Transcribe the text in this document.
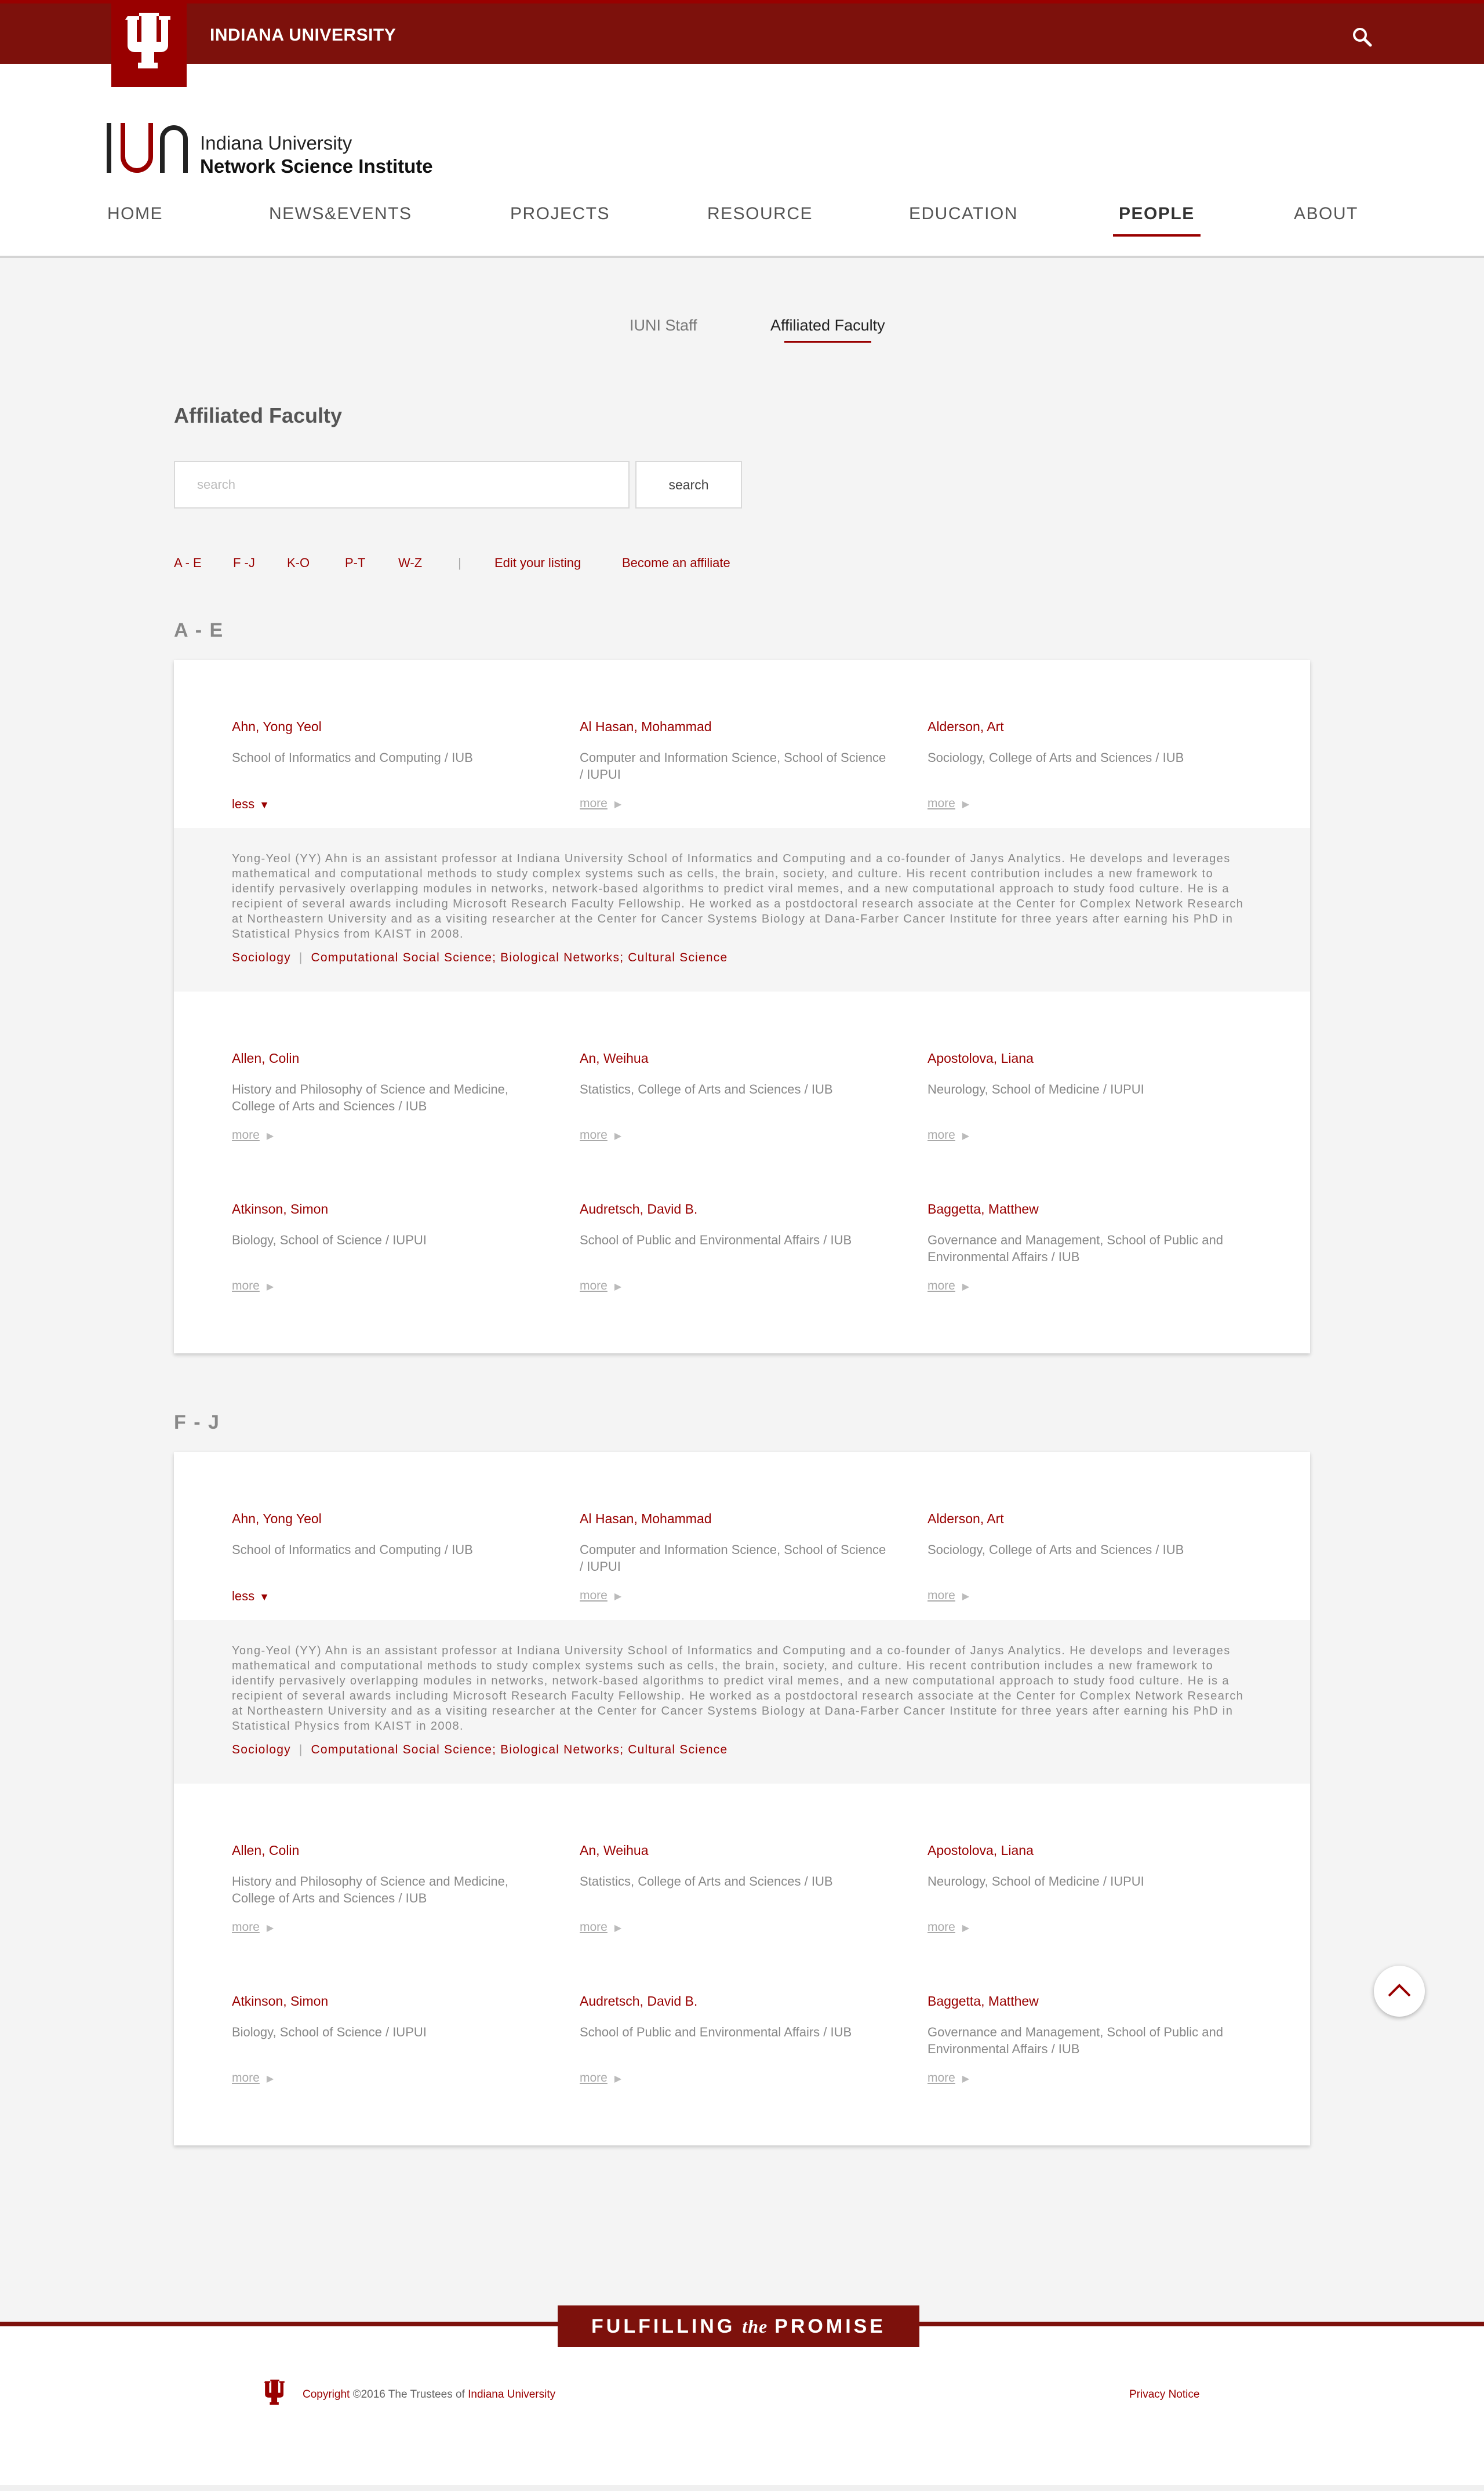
INDIANA UNIVERSITY
Indiana University
Network Science Institute
HOME	NEWS&EVENTS	PROJECTS	RESOURCE	EDUCATION	PEOPLE	ABOUT
IUNI Staff	Affiliated Faculty
Affiliated Faculty
search
search
A - E F -J	K-O	P-T	W-Z	|	Edit your listing	Become an affiliate
A - E
Ahn, Yong Yeol
School of Informatics and Computing / IUB
less ▼
Al Hasan, Mohammad
Computer and Information Science, School of Science / IUPUI
more ▶
Alderson, Art
Sociology, College of Arts and Sciences / IUB
more ▶

Yong-Yeol (YY) Ahn is an assistant professor at Indiana University School of Informatics and Computing and a co-founder of Janys Analytics. He develops and leverages mathematical and computational methods to study complex systems such as cells, the brain, society, and culture. His recent contribution includes a new framework to identify pervasively overlapping modules in networks, network-based algorithms to predict viral memes, and a new computational approach to study food culture. He is a recipient of several awards including Microsoft Research Faculty Fellowship. He worked as a postdoctoral research associate at the Center for Complex Network Research at Northeastern University and as a visiting researcher at the Center for Cancer Systems Biology at Dana-Farber Cancer Institute for three years after earning his PhD in Statistical Physics from KAIST in 2008.

Sociology | Computational Social Science; Biological Networks; Cultural Science
Allen, Colin
History and Philosophy of Science and Medicine, College of Arts and Sciences / IUB
more ▶
An, Weihua
Statistics, College of Arts and Sciences / IUB
more ▶
Apostolova, Liana
Neurology, School of Medicine / IUPUI
more ▶
Atkinson, Simon
Biology, School of Science / IUPUI
more ▶
Audretsch, David B.
School of Public and Environmental Affairs / IUB
more ▶
Baggetta, Matthew
Governance and Management, School of Public and Environmental Affairs / IUB
more ▶
F - J
Ahn, Yong Yeol
School of Informatics and Computing / IUB
less ▼
Al Hasan, Mohammad
Computer and Information Science, School of Science / IUPUI
more ▶
Alderson, Art
Sociology, College of Arts and Sciences / IUB
more ▶

Yong-Yeol (YY) Ahn is an assistant professor at Indiana University School of Informatics and Computing and a co-founder of Janys Analytics. He develops and leverages mathematical and computational methods to study complex systems such as cells, the brain, society, and culture. His recent contribution includes a new framework to identify pervasively overlapping modules in networks, network-based algorithms to predict viral memes, and a new computational approach to study food culture. He is a recipient of several awards including Microsoft Research Faculty Fellowship. He worked as a postdoctoral research associate at the Center for Complex Network Research at Northeastern University and as a visiting researcher at the Center for Cancer Systems Biology at Dana-Farber Cancer Institute for three years after earning his PhD in Statistical Physics from KAIST in 2008.

Sociology | Computational Social Science; Biological Networks; Cultural Science
Allen, Colin
History and Philosophy of Science and Medicine, College of Arts and Sciences / IUB
more ▶
An, Weihua
Statistics, College of Arts and Sciences / IUB
more ▶
Apostolova, Liana
Neurology, School of Medicine / IUPUI
more ▶
Atkinson, Simon
Biology, School of Science / IUPUI
more ▶
Audretsch, David B.
School of Public and Environmental Affairs / IUB
more ▶
Baggetta, Matthew
Governance and Management, School of Public and Environmental Affairs / IUB
more ▶
FULFILLING the PROMISE
Copyright ©2016 The Trustees of Indiana University	Privacy Notice
